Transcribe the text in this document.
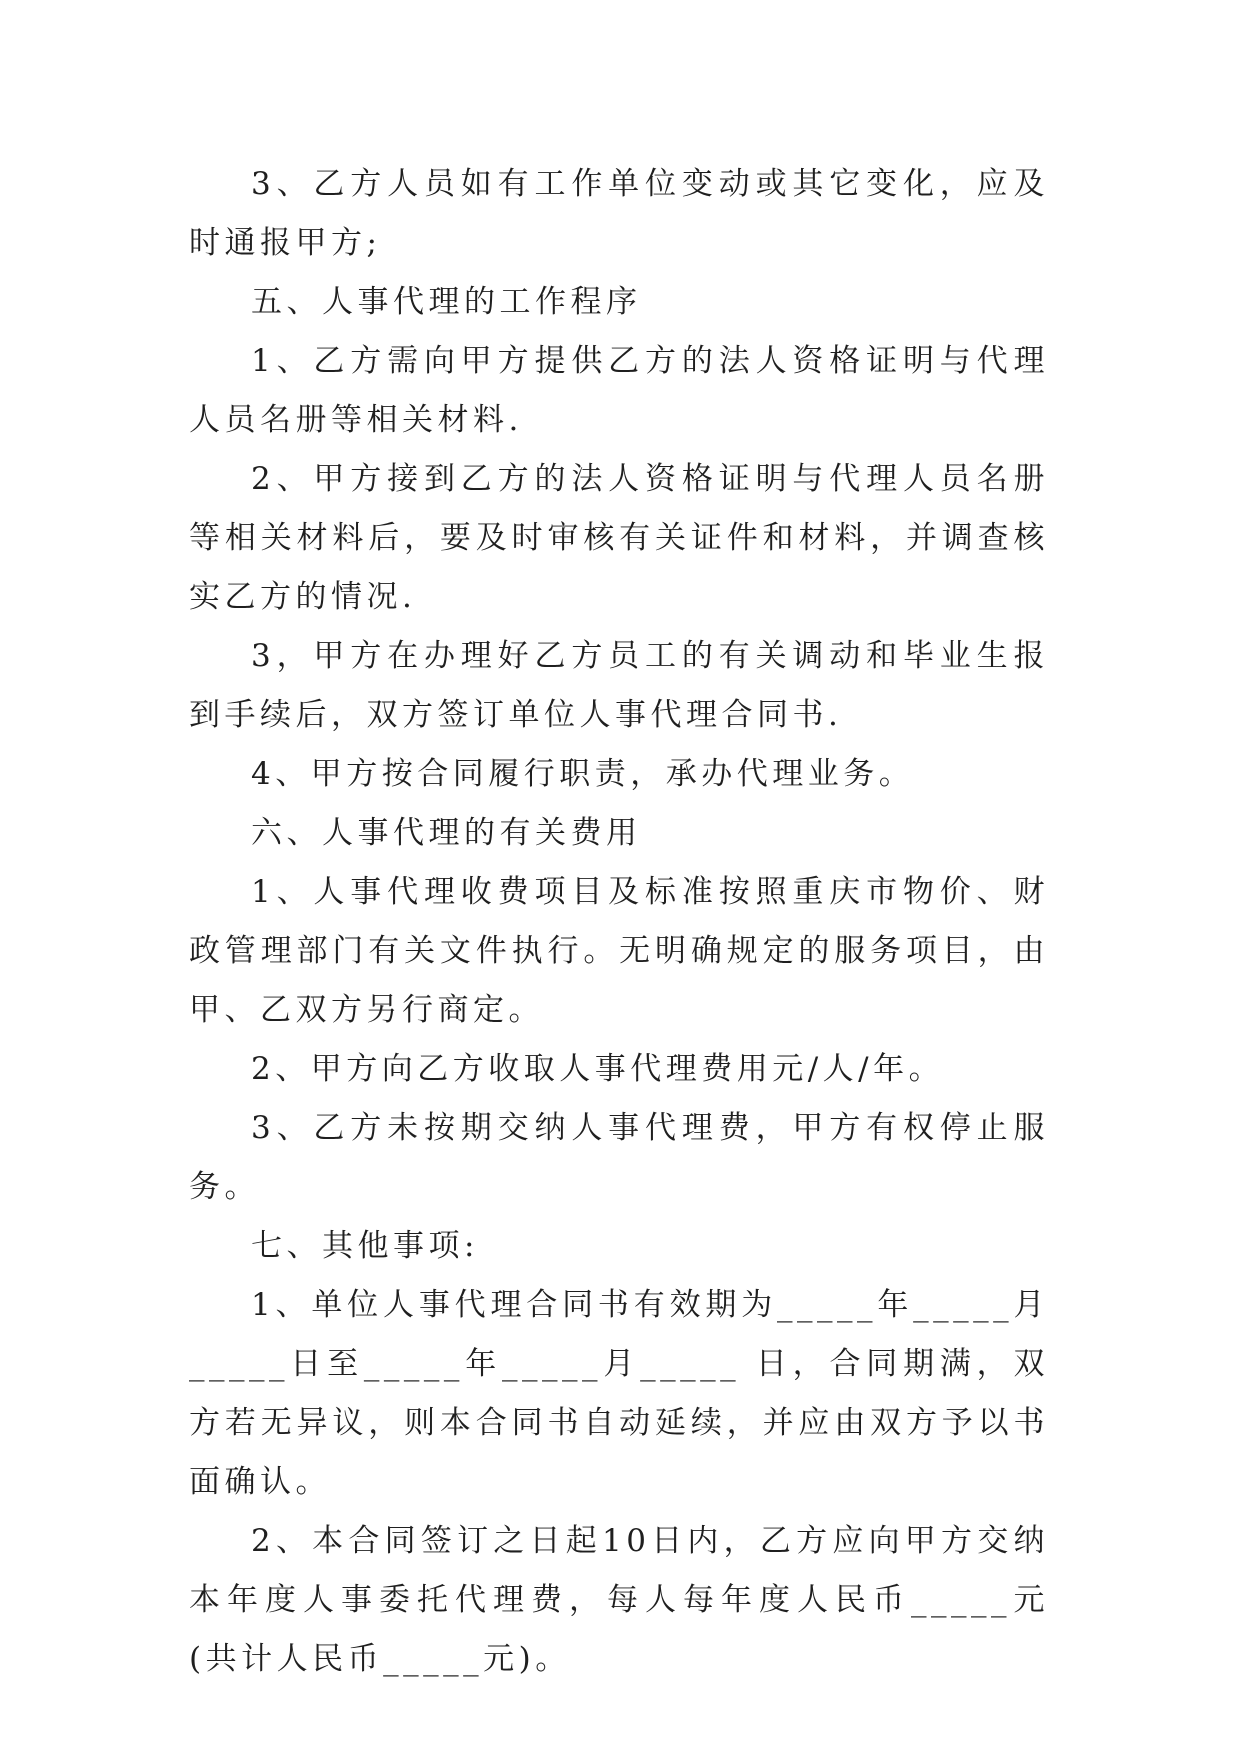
3、乙方人员如有工作单位变动或其它变化，应及时通报甲方;

五、人事代理的工作程序

1、乙方需向甲方提供乙方的法人资格证明与代理人员名册等相关材料.

2、甲方接到乙方的法人资格证明与代理人员名册等相关材料后，要及时审核有关证件和材料，并调查核实乙方的情况.

3，甲方在办理好乙方员工的有关调动和毕业生报到手续后，双方签订单位人事代理合同书.

4、甲方按合同履行职责，承办代理业务。

六、人事代理的有关费用

1、人事代理收费项目及标准按照重庆市物价、财政管理部门有关文件执行。无明确规定的服务项目，由甲、乙双方另行商定。

2、甲方向乙方收取人事代理费用元/人/年。

3、乙方未按期交纳人事代理费，甲方有权停止服务。

七、其他事项:

1、单位人事代理合同书有效期为_____年_____月_____日至_____年_____月_____ 日，合同期满，双方若无异议，则本合同书自动延续，并应由双方予以书面确认。

2、本合同签订之日起10日内，乙方应向甲方交纳本年度人事委托代理费，每人每年度人民币_____元(共计人民币_____元)。
